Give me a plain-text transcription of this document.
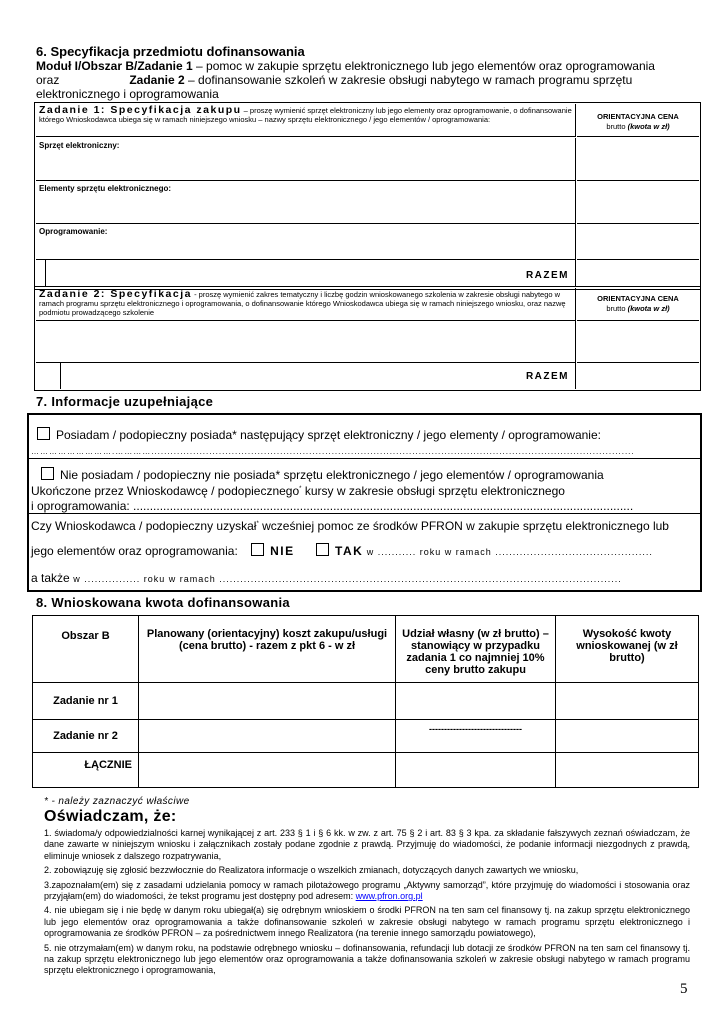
6. Specyfikacja przedmiotu dofinansowania
Moduł I/Obszar B/Zadanie 1 – pomoc w zakupie sprzętu elektronicznego lub jego elementów oraz oprogramowania
oraz	Zadanie 2 – dofinansowanie szkoleń w zakresie obsługi nabytego w ramach programu sprzętu
elektronicznego i oprogramowania
Zadanie 1: Specyfikacja zakupu – proszę wymienić sprzęt elektroniczny lub jego elementy oraz oprogramowanie, o dofinansowanie którego Wnioskodawca ubiega się w ramach niniejszego wniosku – nazwy sprzętu elektronicznego / jego elementów / oprogramowania:	ORIENTACYJNA CENA
brutto (kwota w zł)
Sprzęt elektroniczny:
Elementy sprzętu elektronicznego:
Oprogramowanie:
RAZEM
Zadanie 2: Specyfikacja - proszę wymienić zakres tematyczny i liczbę godzin wnioskowanego szkolenia w zakresie obsługi nabytego w ramach programu sprzętu elektronicznego i oprogramowania, o dofinansowanie którego Wnioskodawca ubiega się w ramach niniejszego wniosku, oraz nazwę podmiotu prowadzącego szkolenie
ORIENTACYJNA CENA
brutto (kwota w zł)
RAZEM
7. Informacje uzupełniające
Posiadam / podopieczny posiada* następujący sprzęt elektroniczny / jego elementy / oprogramowanie:
……………………….…………......................................................................................................................................................
Nie posiadam / podopieczny nie posiada* sprzętu elektronicznego / jego elementów / oprogramowania
Ukończone przez Wnioskodawcę / podopiecznego* kursy w zakresie obsługi sprzętu elektronicznego
i oprogramowania: ......................................................................................................................................................
Czy Wnioskodawca / podopieczny uzyskał* wcześniej pomoc ze środków PFRON w zakupie sprzętu elektronicznego lub
jego elementów oraz oprogramowania:	NIE	TAK w ........... roku w ramach .............................................
a także w ................ roku w ramach ...................................................................................................................
8. Wnioskowana kwota dofinansowania
Obszar B	Planowany (orientacyjny) koszt zakupu/usługi (cena brutto) - razem z pkt 6 - w zł	Udział własny (w zł brutto) – stanowiący w przypadku zadania 1 co najmniej 10% ceny brutto zakupu	Wysokość kwoty wnioskowanej (w zł brutto)
Zadanie nr 1			
Zadanie nr 2		-------------------------------	
ŁĄCZNIE			
* - należy zaznaczyć właściwe
Oświadczam, że:
1. świadoma/y odpowiedzialności karnej wynikającej z art. 233 § 1 i § 6 kk. w zw. z art. 75 § 2 i art. 83 § 3 kpa. za składanie fałszywych zeznań oświadczam, że dane zawarte w niniejszym wniosku i załącznikach zostały podane zgodnie z prawdą. Przyjmuję do wiadomości, że podanie informacji niezgodnych z prawdą, eliminuje wniosek z dalszego rozpatrywania,
2. zobowiązuję się zgłosić bezzwłocznie do Realizatora informacje o wszelkich zmianach, dotyczących danych zawartych we wniosku,
3.zapoznałam(em) się z zasadami udzielania pomocy w ramach pilotażowego programu „Aktywny samorząd”, które przyjmuję do wiadomości i stosowania oraz przyjąłam(em) do wiadomości, że tekst programu jest dostępny pod adresem: www.pfron.org.pl
4. nie ubiegam się i nie będę w danym roku ubiegał(a) się odrębnym wnioskiem o środki PFRON na ten sam cel finansowy tj. na zakup sprzętu elektronicznego lub jego elementów oraz oprogramowania a także dofinansowanie szkoleń w zakresie obsługi nabytego w ramach programu sprzętu elektronicznego i oprogramowania ze środków PFRON – za pośrednictwem innego Realizatora (na terenie innego samorządu powiatowego),
5. nie otrzymałam(em) w danym roku, na podstawie odrębnego wniosku – dofinansowania, refundacji lub dotacji ze środków PFRON na ten sam cel finansowy tj. na zakup sprzętu elektronicznego lub jego elementów oraz oprogramowania a także dofinansowania szkoleń w zakresie obsługi nabytego w ramach programu sprzętu elektronicznego i oprogramowania,
5
